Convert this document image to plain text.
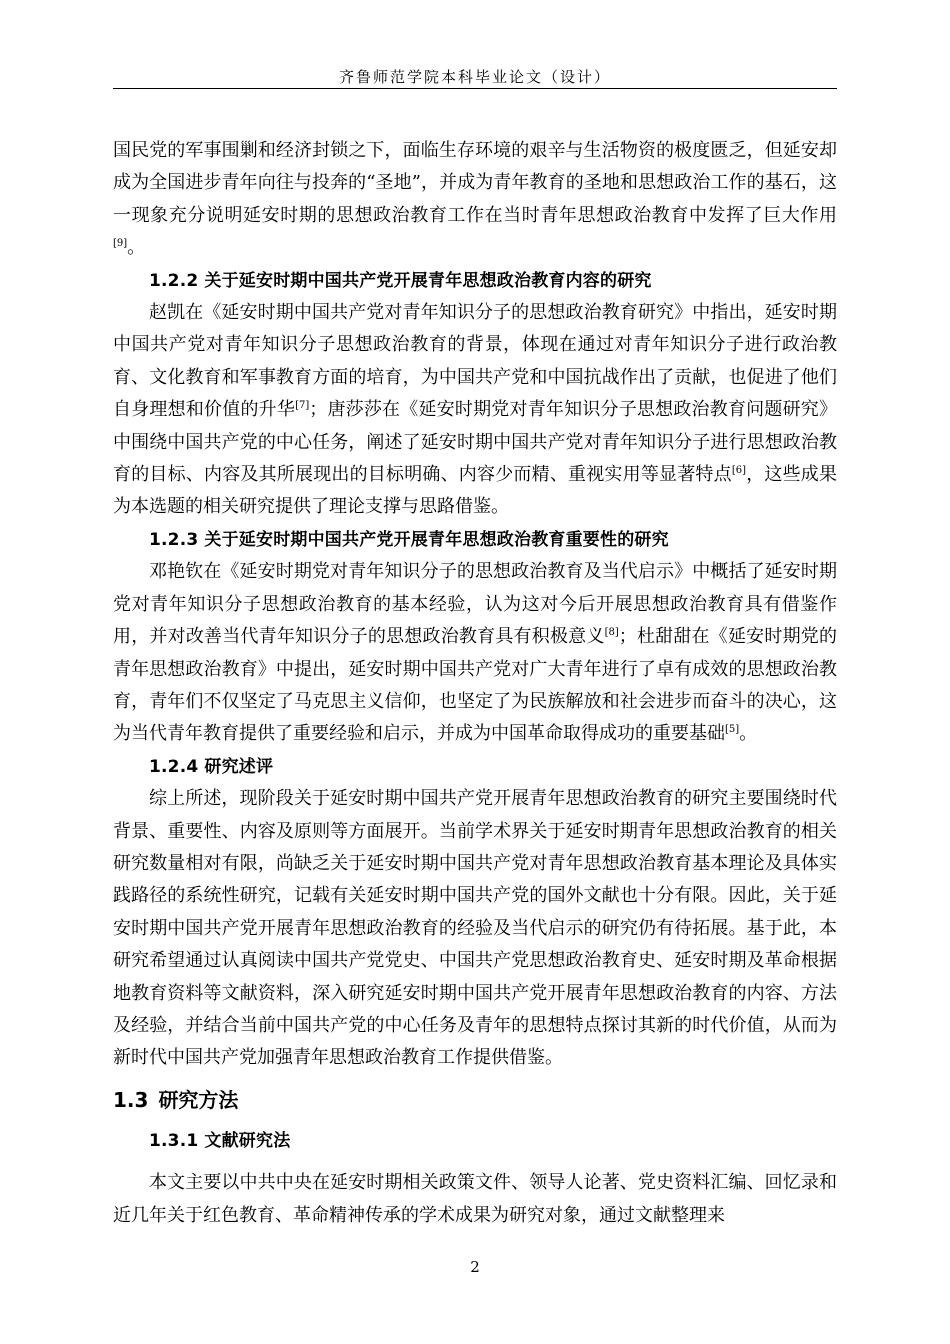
齐鲁师范学院本科毕业论文（设计）

国民党的军事围剿和经济封锁之下，面临生存环境的艰辛与生活物资的极度匮乏，但延安却成为全国进步青年向往与投奔的“圣地”，并成为青年教育的圣地和思想政治工作的基石，这一现象充分说明延安时期的思想政治教育工作在当时青年思想政治教育中发挥了巨大作用[9]。

1.2.2 关于延安时期中国共产党开展青年思想政治教育内容的研究

赵凯在《延安时期中国共产党对青年知识分子的思想政治教育研究》中指出，延安时期中国共产党对青年知识分子思想政治教育的背景，体现在通过对青年知识分子进行政治教育、文化教育和军事教育方面的培育，为中国共产党和中国抗战作出了贡献，也促进了他们自身理想和价值的升华[7]；唐莎莎在《延安时期党对青年知识分子思想政治教育问题研究》中围绕中国共产党的中心任务，阐述了延安时期中国共产党对青年知识分子进行思想政治教育的目标、内容及其所展现出的目标明确、内容少而精、重视实用等显著特点[6]，这些成果为本选题的相关研究提供了理论支撑与思路借鉴。

1.2.3 关于延安时期中国共产党开展青年思想政治教育重要性的研究

邓艳钦在《延安时期党对青年知识分子的思想政治教育及当代启示》中概括了延安时期党对青年知识分子思想政治教育的基本经验，认为这对今后开展思想政治教育具有借鉴作用，并对改善当代青年知识分子的思想政治教育具有积极意义[8]；杜甜甜在《延安时期党的青年思想政治教育》中提出，延安时期中国共产党对广大青年进行了卓有成效的思想政治教育，青年们不仅坚定了马克思主义信仰，也坚定了为民族解放和社会进步而奋斗的决心，这为当代青年教育提供了重要经验和启示，并成为中国革命取得成功的重要基础[5]。

1.2.4 研究述评

综上所述，现阶段关于延安时期中国共产党开展青年思想政治教育的研究主要围绕时代背景、重要性、内容及原则等方面展开。当前学术界关于延安时期青年思想政治教育的相关研究数量相对有限，尚缺乏关于延安时期中国共产党对青年思想政治教育基本理论及具体实践路径的系统性研究，记载有关延安时期中国共产党的国外文献也十分有限。因此，关于延安时期中国共产党开展青年思想政治教育的经验及当代启示的研究仍有待拓展。基于此，本研究希望通过认真阅读中国共产党党史、中国共产党思想政治教育史、延安时期及革命根据地教育资料等文献资料，深入研究延安时期中国共产党开展青年思想政治教育的内容、方法及经验，并结合当前中国共产党的中心任务及青年的思想特点探讨其新的时代价值，从而为新时代中国共产党加强青年思想政治教育工作提供借鉴。

1.3 研究方法
1.3.1 文献研究法

本文主要以中共中央在延安时期相关政策文件、领导人论著、党史资料汇编、回忆录和近几年关于红色教育、革命精神传承的学术成果为研究对象，通过文献整理来

2
